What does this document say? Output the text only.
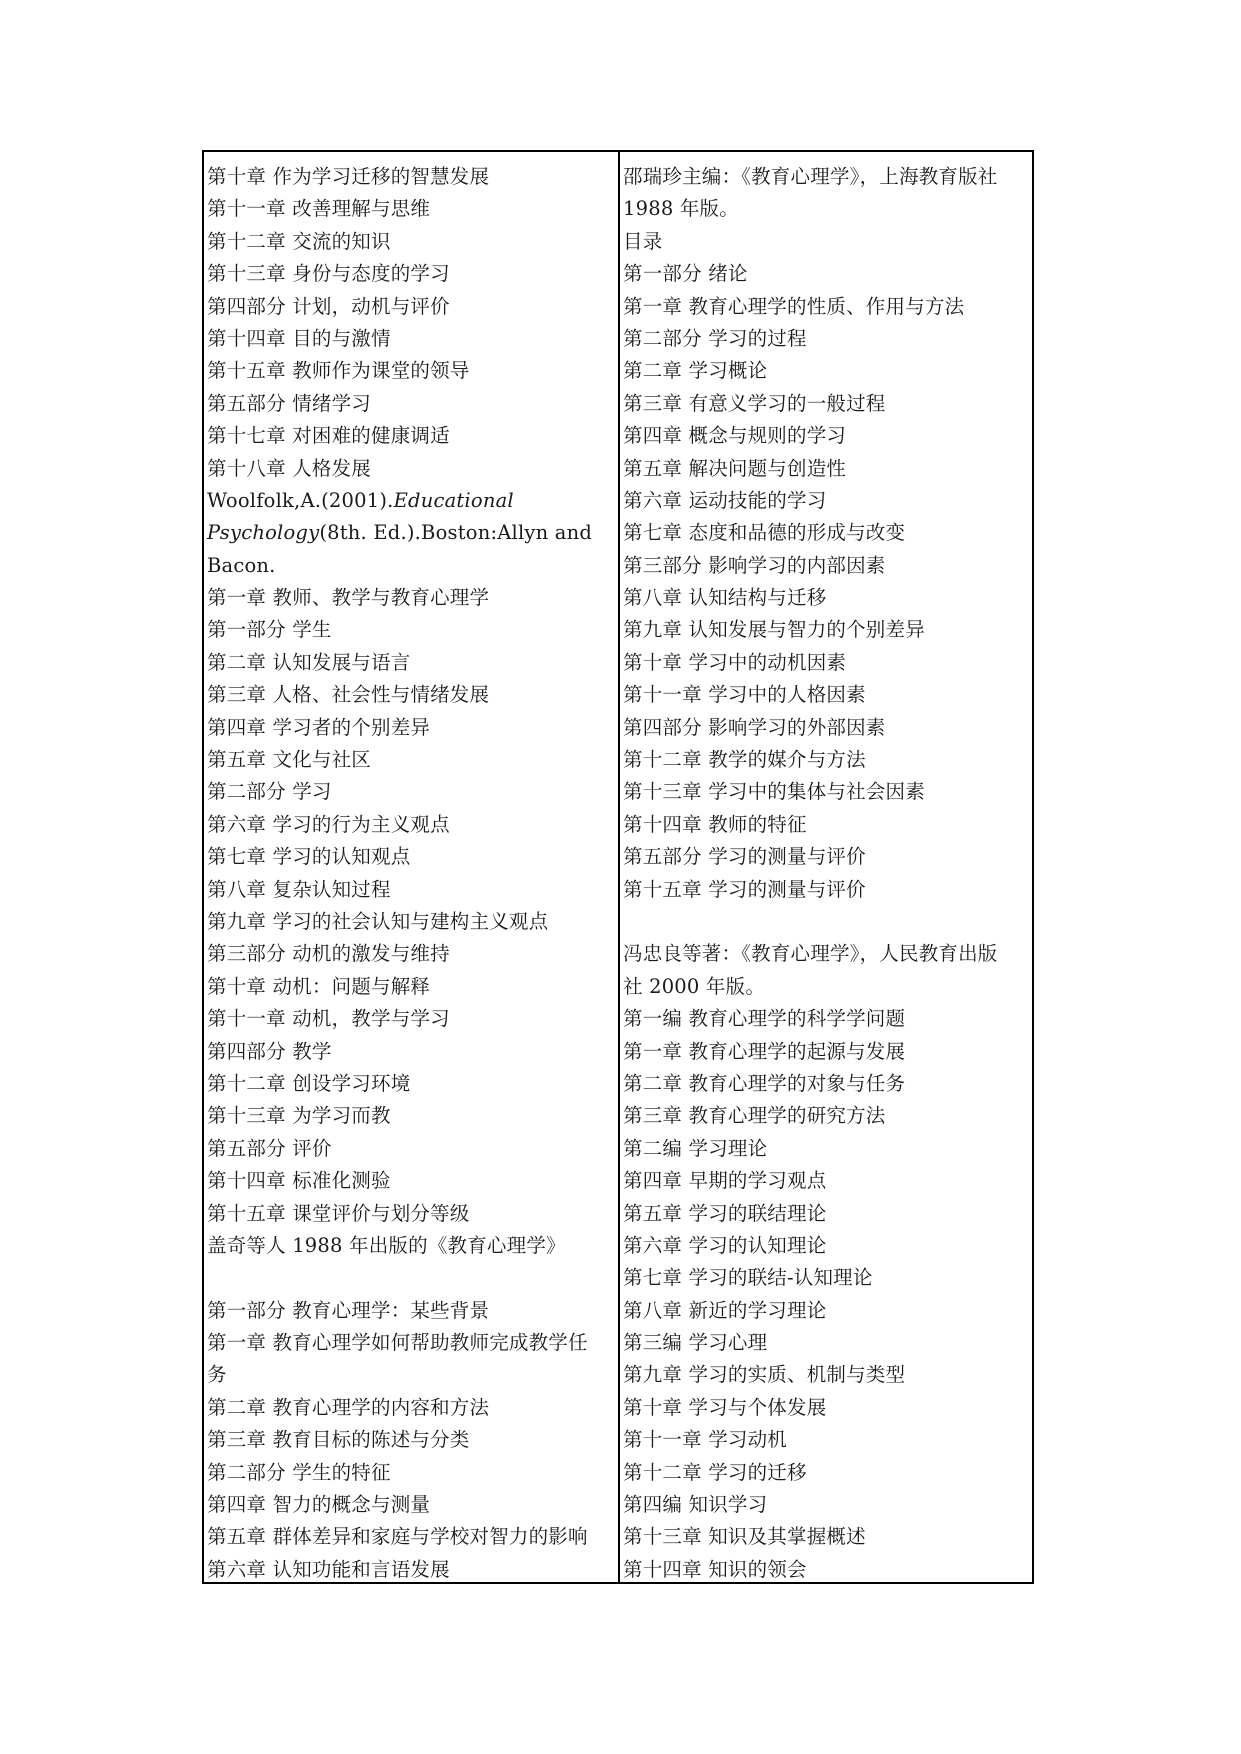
第十章 作为学习迁移的智慧发展
第十一章 改善理解与思维
第十二章 交流的知识
第十三章 身份与态度的学习
第四部分 计划，动机与评价
第十四章 目的与激情
第十五章 教师作为课堂的领导
第五部分 情绪学习
第十七章 对困难的健康调适
第十八章 人格发展
Woolfolk,A.(2001).Educational
Psychology(8th. Ed.).Boston:Allyn and
Bacon.
第一章 教师、教学与教育心理学
第一部分 学生
第二章 认知发展与语言
第三章 人格、社会性与情绪发展
第四章 学习者的个别差异
第五章 文化与社区
第二部分 学习
第六章 学习的行为主义观点
第七章 学习的认知观点
第八章 复杂认知过程
第九章 学习的社会认知与建构主义观点
第三部分 动机的激发与维持
第十章 动机：问题与解释
第十一章 动机，教学与学习
第四部分 教学
第十二章 创设学习环境
第十三章 为学习而教
第五部分 评价
第十四章 标准化测验
第十五章 课堂评价与划分等级
盖奇等人 1988 年出版的《教育心理学》
第一部分 教育心理学：某些背景
第一章 教育心理学如何帮助教师完成教学任
务
第二章 教育心理学的内容和方法
第三章 教育目标的陈述与分类
第二部分 学生的特征
第四章 智力的概念与测量
第五章 群体差异和家庭与学校对智力的影响
第六章 认知功能和言语发展
邵瑞珍主编：《教育心理学》，上海教育版社
1988 年版。
目录
第一部分 绪论
第一章 教育心理学的性质、作用与方法
第二部分 学习的过程
第二章 学习概论
第三章 有意义学习的一般过程
第四章 概念与规则的学习
第五章 解决问题与创造性
第六章 运动技能的学习
第七章 态度和品德的形成与改变
第三部分 影响学习的内部因素
第八章 认知结构与迁移
第九章 认知发展与智力的个别差异
第十章 学习中的动机因素
第十一章 学习中的人格因素
第四部分 影响学习的外部因素
第十二章 教学的媒介与方法
第十三章 学习中的集体与社会因素
第十四章 教师的特征
第五部分 学习的测量与评价
第十五章 学习的测量与评价
冯忠良等著：《教育心理学》，人民教育出版
社 2000 年版。
第一编 教育心理学的科学学问题
第一章 教育心理学的起源与发展
第二章 教育心理学的对象与任务
第三章 教育心理学的研究方法
第二编 学习理论
第四章 早期的学习观点
第五章 学习的联结理论
第六章 学习的认知理论
第七章 学习的联结-认知理论
第八章 新近的学习理论
第三编 学习心理
第九章 学习的实质、机制与类型
第十章 学习与个体发展
第十一章 学习动机
第十二章 学习的迁移
第四编 知识学习
第十三章 知识及其掌握概述
第十四章 知识的领会
